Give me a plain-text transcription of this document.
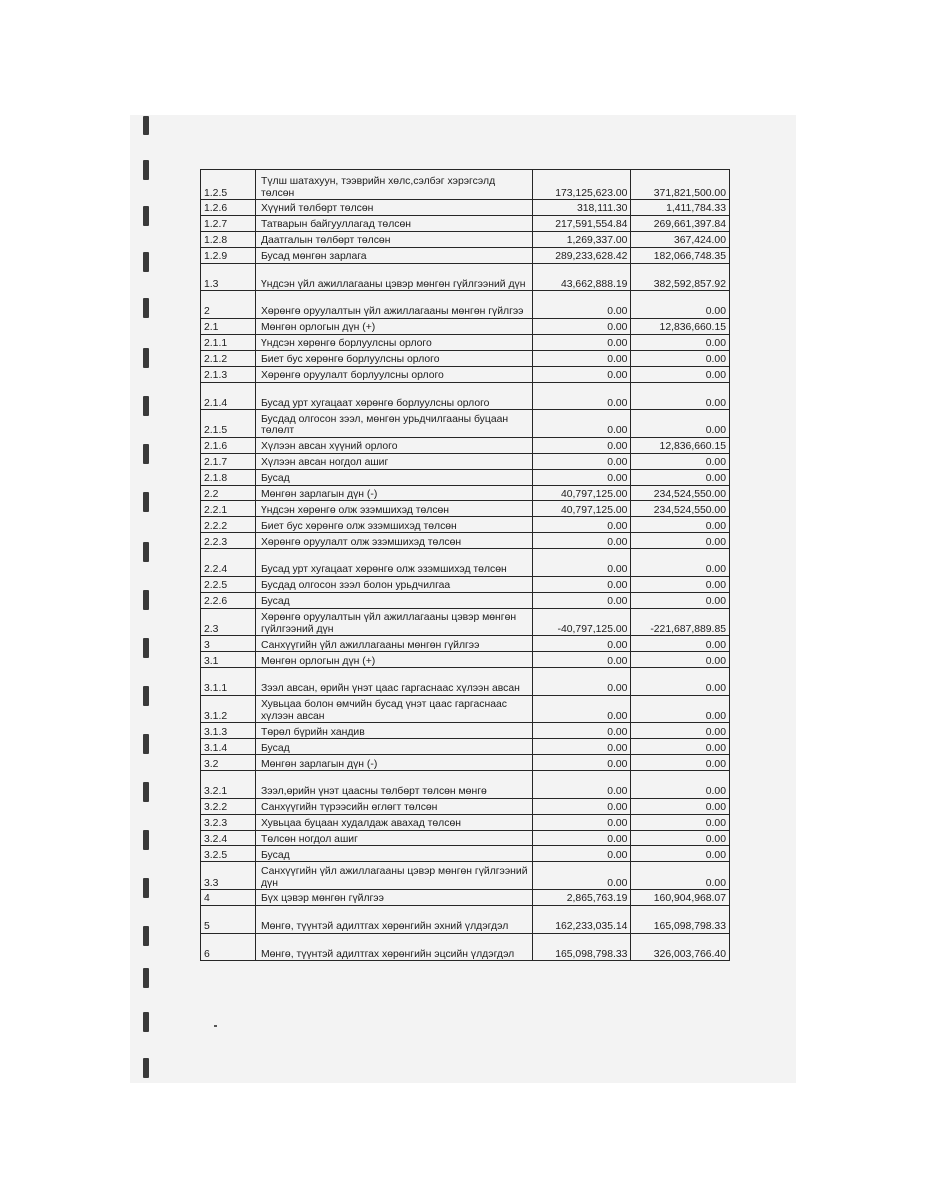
1.2.5	Түлш шатахуун, тээврийн хөлс,сэлбэг хэрэгсэлд төлсөн	173,125,623.00	371,821,500.00
1.2.6	Хүүний төлбөрт төлсөн	318,111.30	1,411,784.33
1.2.7	Татварын байгууллагад төлсөн	217,591,554.84	269,661,397.84
1.2.8	Даатгалын төлбөрт төлсөн	1,269,337.00	367,424.00
1.2.9	Бусад мөнгөн зарлага	289,233,628.42	182,066,748.35
1.3	Үндсэн үйл ажиллагааны цэвэр мөнгөн гүйлгээний дүн	43,662,888.19	382,592,857.92
2	Хөрөнгө оруулалтын үйл ажиллагааны мөнгөн гүйлгээ	0.00	0.00
2.1	Мөнгөн орлогын дүн (+)	0.00	12,836,660.15
2.1.1	Үндсэн хөрөнгө борлуулсны орлого	0.00	0.00
2.1.2	Биет бус хөрөнгө борлуулсны орлого	0.00	0.00
2.1.3	Хөрөнгө оруулалт борлуулсны орлого	0.00	0.00
2.1.4	Бусад урт хугацаат хөрөнгө борлуулсны орлого	0.00	0.00
2.1.5	Бусдад олгосон зээл, мөнгөн урьдчилгааны буцаан төлөлт	0.00	0.00
2.1.6	Хүлээн авсан хүүний орлого	0.00	12,836,660.15
2.1.7	Хүлээн авсан ногдол ашиг	0.00	0.00
2.1.8	Бусад	0.00	0.00
2.2	Мөнгөн зарлагын дүн (-)	40,797,125.00	234,524,550.00
2.2.1	Үндсэн хөрөнгө олж эзэмшихэд төлсөн	40,797,125.00	234,524,550.00
2.2.2	Биет бус хөрөнгө олж эзэмшихэд төлсөн	0.00	0.00
2.2.3	Хөрөнгө оруулалт олж эзэмшихэд төлсөн	0.00	0.00
2.2.4	Бусад урт хугацаат хөрөнгө олж эзэмшихэд төлсөн	0.00	0.00
2.2.5	Бусдад олгосон зээл болон урьдчилгаа	0.00	0.00
2.2.6	Бусад	0.00	0.00
2.3	Хөрөнгө оруулалтын үйл ажиллагааны цэвэр мөнгөн гүйлгээний дүн	-40,797,125.00	-221,687,889.85
3	Санхүүгийн үйл ажиллагааны мөнгөн гүйлгээ	0.00	0.00
3.1	Мөнгөн орлогын дүн (+)	0.00	0.00
3.1.1	Зээл авсан, өрийн үнэт цаас гаргаснаас хүлээн авсан	0.00	0.00
3.1.2	Хувьцаа болон өмчийн бусад үнэт цаас гаргаснаас хүлээн авсан	0.00	0.00
3.1.3	Төрөл бүрийн хандив	0.00	0.00
3.1.4	Бусад	0.00	0.00
3.2	Мөнгөн зарлагын дүн (-)	0.00	0.00
3.2.1	Зээл,өрийн үнэт цаасны төлбөрт төлсөн мөнгө	0.00	0.00
3.2.2	Санхүүгийн түрээсийн өглөгт төлсөн	0.00	0.00
3.2.3	Хувьцаа буцаан худалдаж авахад төлсөн	0.00	0.00
3.2.4	Төлсөн ногдол ашиг	0.00	0.00
3.2.5	Бусад	0.00	0.00
3.3	Санхүүгийн үйл ажиллагааны цэвэр мөнгөн гүйлгээний дүн	0.00	0.00
4	Бүх цэвэр мөнгөн гүйлгээ	2,865,763.19	160,904,968.07
5	Мөнгө, түүнтэй адилтгах хөрөнгийн эхний үлдэгдэл	162,233,035.14	165,098,798.33
6	Мөнгө, түүнтэй адилтгах хөрөнгийн эцсийн үлдэгдэл	165,098,798.33	326,003,766.40
